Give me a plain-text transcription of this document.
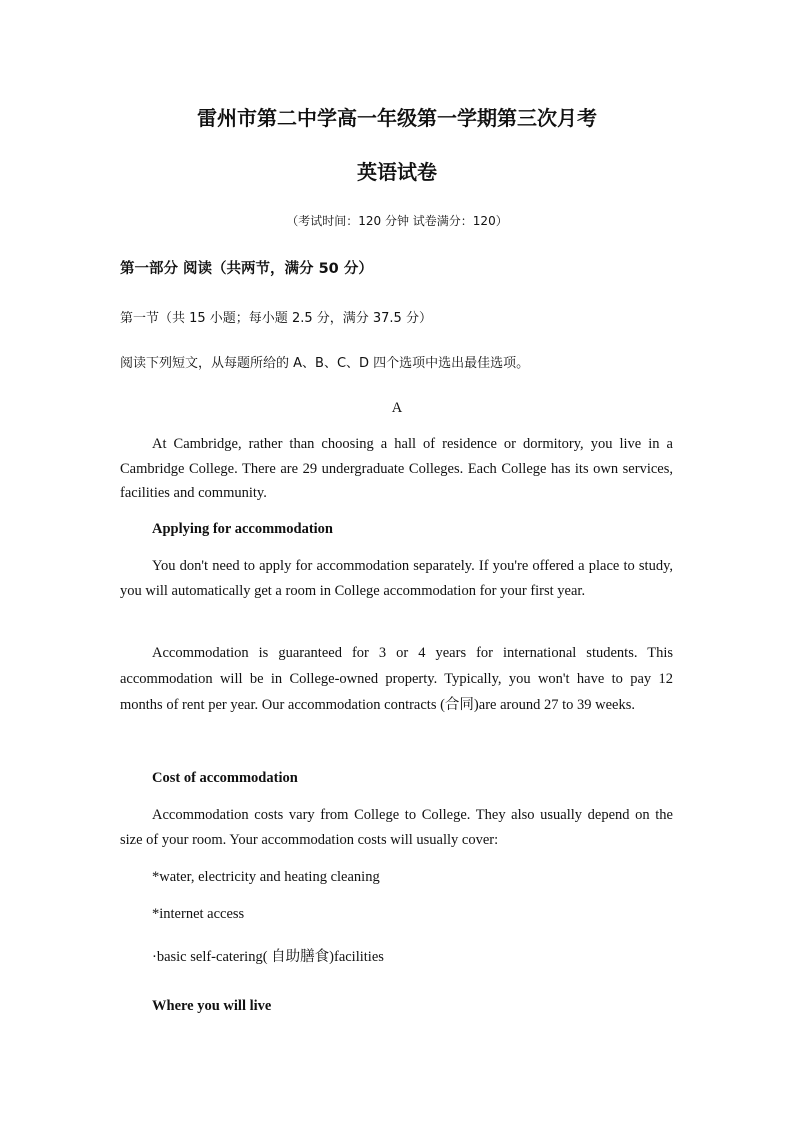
雷州市第二中学高一年级第一学期第三次月考
英语试卷
（考试时间：120 分钟 试卷满分：120）
第一部分 阅读（共两节，满分 50 分）
第一节（共 15 小题；每小题 2.5 分，满分 37.5 分）
阅读下列短文，从每题所给的 A、B、C、D 四个选项中选出最佳选项。
A

At Cambridge, rather than choosing a hall of residence or dormitory, you live in a Cambridge College. There are 29 undergraduate Colleges. Each College has its own services, facilities and community.

Applying for accommodation

You don't need to apply for accommodation separately. If you're offered a place to study, you will automatically get a room in College accommodation for your first year.

Accommodation is guaranteed for 3 or 4 years for international students. This accommodation will be in College-owned property. Typically, you won't have to pay 12 months of rent per year. Our accommodation contracts (合同)are around 27 to 39 weeks.

Cost of accommodation

Accommodation costs vary from College to College. They also usually depend on the size of your room. Your accommodation costs will usually cover:

*water, electricity and heating cleaning
*internet access
·basic self-catering( 自助膳食)facilities
Where you will live
